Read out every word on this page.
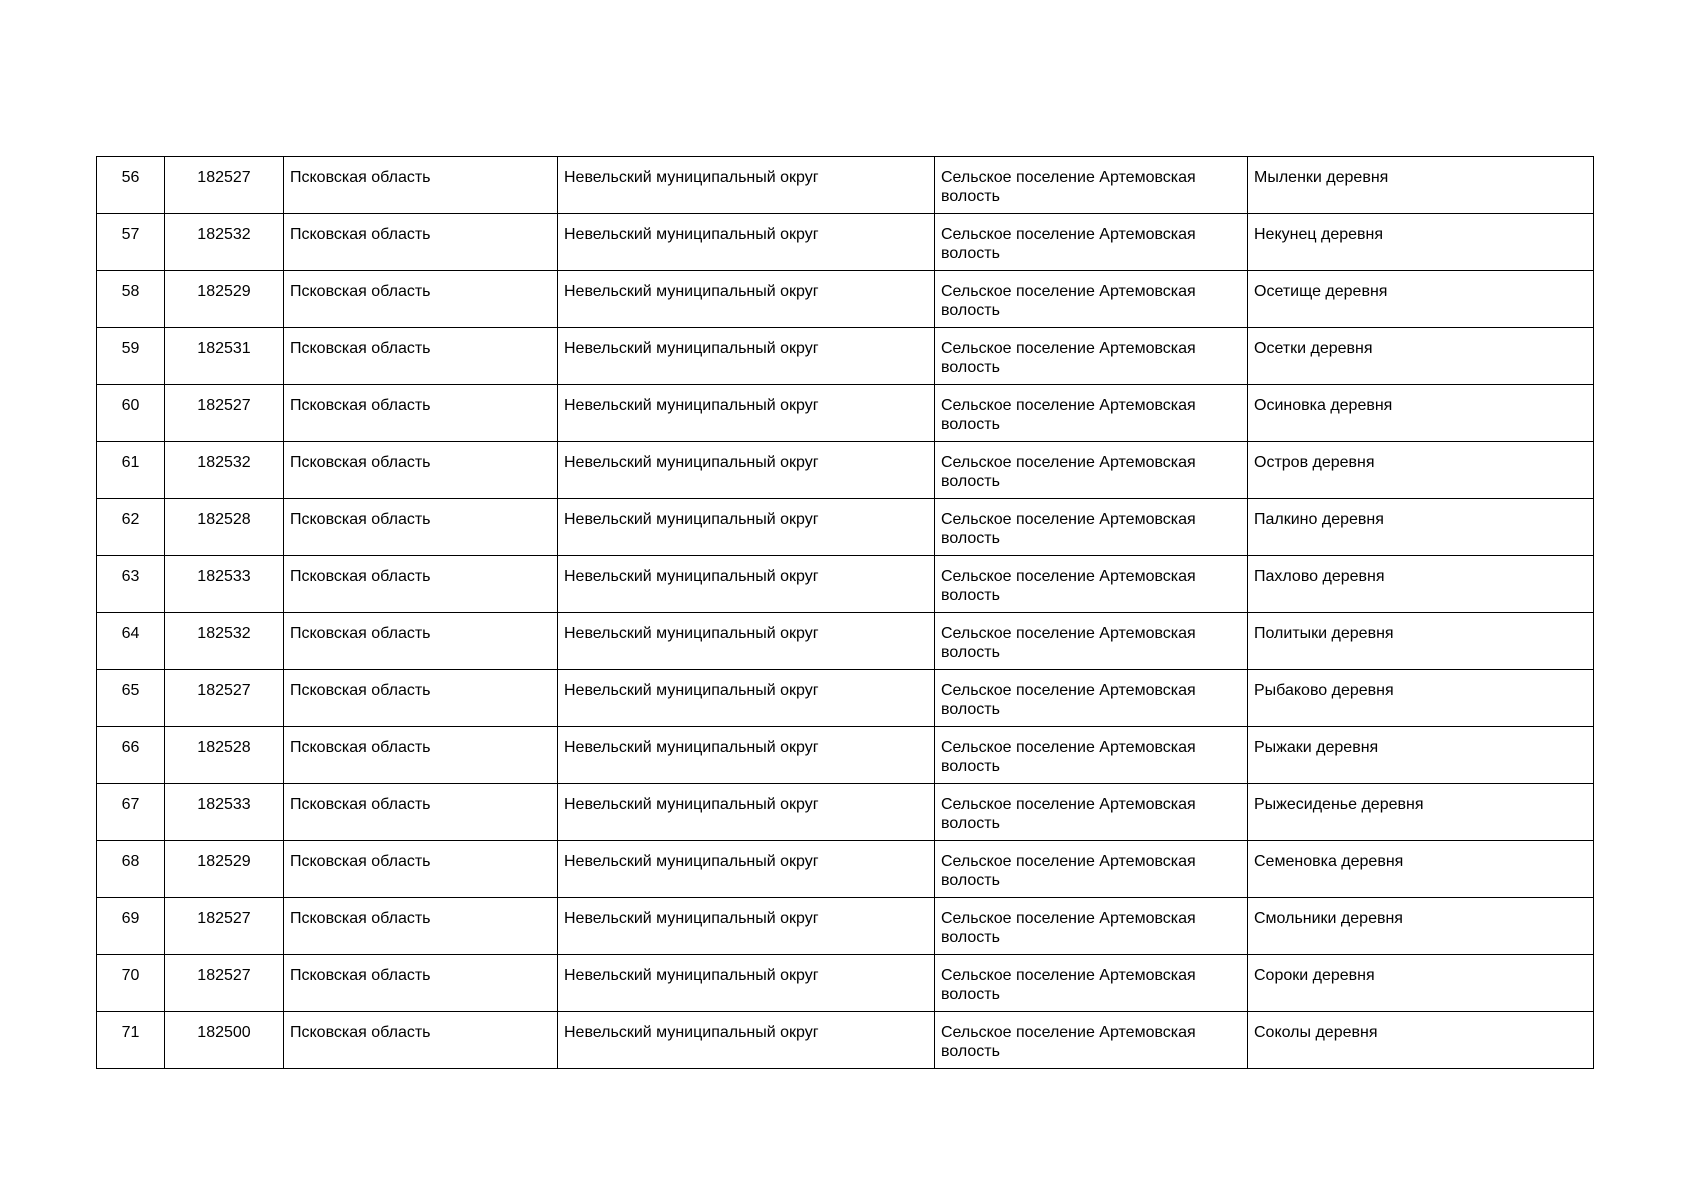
56	182527	Псковская область	Невельский муниципальный округ	Сельское поселение Артемовская волость	Мыленки деревня
57	182532	Псковская область	Невельский муниципальный округ	Сельское поселение Артемовская волость	Некунец деревня
58	182529	Псковская область	Невельский муниципальный округ	Сельское поселение Артемовская волость	Осетище деревня
59	182531	Псковская область	Невельский муниципальный округ	Сельское поселение Артемовская волость	Осетки деревня
60	182527	Псковская область	Невельский муниципальный округ	Сельское поселение Артемовская волость	Осиновка деревня
61	182532	Псковская область	Невельский муниципальный округ	Сельское поселение Артемовская волость	Остров деревня
62	182528	Псковская область	Невельский муниципальный округ	Сельское поселение Артемовская волость	Палкино деревня
63	182533	Псковская область	Невельский муниципальный округ	Сельское поселение Артемовская волость	Пахлово деревня
64	182532	Псковская область	Невельский муниципальный округ	Сельское поселение Артемовская волость	Политыки деревня
65	182527	Псковская область	Невельский муниципальный округ	Сельское поселение Артемовская волость	Рыбаково деревня
66	182528	Псковская область	Невельский муниципальный округ	Сельское поселение Артемовская волость	Рыжаки деревня
67	182533	Псковская область	Невельский муниципальный округ	Сельское поселение Артемовская волость	Рыжесиденье деревня
68	182529	Псковская область	Невельский муниципальный округ	Сельское поселение Артемовская волость	Семеновка деревня
69	182527	Псковская область	Невельский муниципальный округ	Сельское поселение Артемовская волость	Смольники деревня
70	182527	Псковская область	Невельский муниципальный округ	Сельское поселение Артемовская волость	Сороки деревня
71	182500	Псковская область	Невельский муниципальный округ	Сельское поселение Артемовская волость	Соколы деревня
